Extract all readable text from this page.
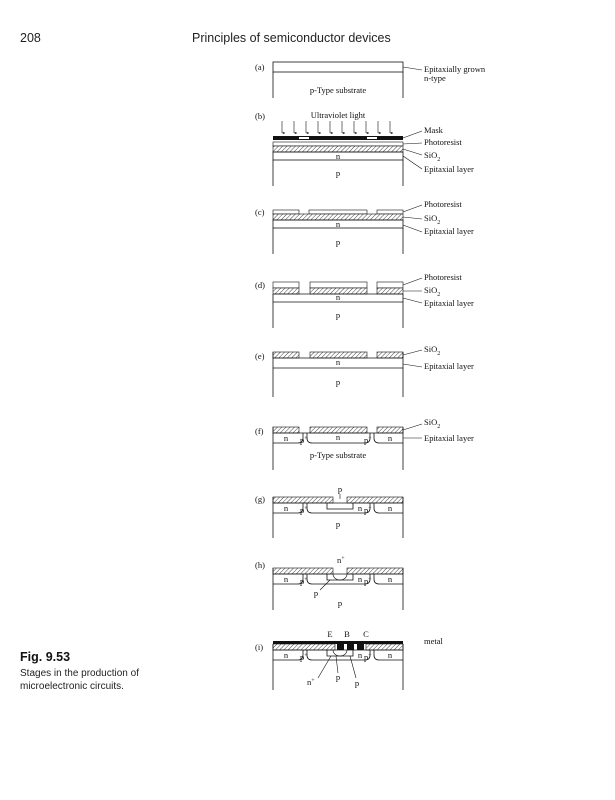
208	Principles of semiconductor devices
Fig. 9.53
Stages in the production of microelectronic circuits.
(a)
p-Type substrate
Epitaxially grown
n-type
(b)	Ultraviolet light
n
p
Mask
Photoresist
SiO$_2$
Epitaxial layer
(c)
n
p
Photoresist
SiO$_2$
Epitaxial layer
(d)
n
p
Photoresist
SiO$_2$
Epitaxial layer
(e)
n
p
SiO$_2$
Epitaxial layer
(f)
n	n	n
p+	p+
p-Type substrate
SiO$_2$
Epitaxial layer
(g)
p
n	n	n
p+	p+
p
(h)	n+
n	n	n
p+	p+
p
p
(i)
E B C
metal
n	n	n
p+	p+
n+ p
p
